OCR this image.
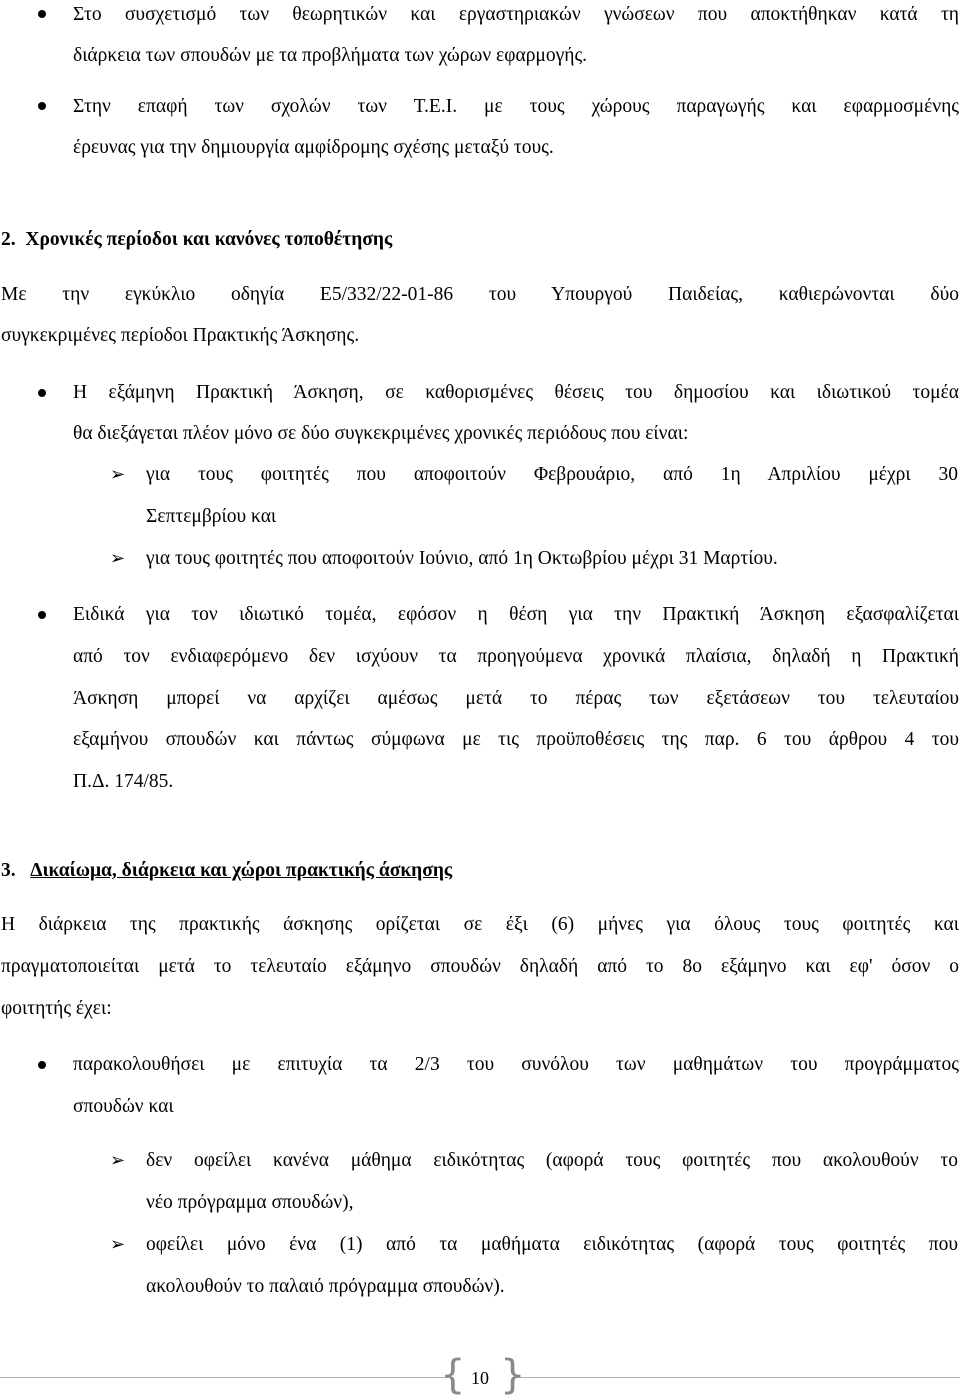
Στο συσχετισμό των θεωρητικών και εργαστηριακών γνώσεων που αποκτήθηκαν κατά τη
διάρκεια των σπουδών με τα προβλήματα των χώρων εφαρμογής.
Στην επαφή των σχολών των Τ.Ε.Ι. με τους χώρους παραγωγής και εφαρμοσμένης
έρευνας για την δημιουργία αμφίδρομης σχέσης μεταξύ τους.
2. Χρονικές περίοδοι και κανόνες τοποθέτησης
Με την εγκύκλιο οδηγία Ε5/332/22-01-86 του Υπουργού Παιδείας, καθιερώνονται δύο
συγκεκριμένες περίοδοι Πρακτικής Άσκησης.
Η εξάμηνη Πρακτική Άσκηση, σε καθορισμένες θέσεις του δημοσίου και ιδιωτικού τομέα
θα διεξάγεται πλέον μόνο σε δύο συγκεκριμένες χρονικές περιόδους που είναι:
➢ για τους φοιτητές που αποφοιτούν Φεβρουάριο, από 1η Απριλίου μέχρι 30
Σεπτεμβρίου και
➢ για τους φοιτητές που αποφοιτούν Ιούνιο, από 1η Οκτωβρίου μέχρι 31 Μαρτίου.
Ειδικά για τον ιδιωτικό τομέα, εφόσον η θέση για την Πρακτική Άσκηση εξασφαλίζεται
από τον ενδιαφερόμενο δεν ισχύουν τα προηγούμενα χρονικά πλαίσια, δηλαδή η Πρακτική
Άσκηση μπορεί να αρχίζει αμέσως μετά το πέρας των εξετάσεων του τελευταίου
εξαμήνου σπουδών και πάντως σύμφωνα με τις προϋποθέσεις της παρ. 6 του άρθρου 4 του
Π.Δ. 174/85.
3. Δικαίωμα, διάρκεια και χώροι πρακτικής άσκησης
Η διάρκεια της πρακτικής άσκησης ορίζεται σε έξι (6) μήνες για όλους τους φοιτητές και
πραγματοποιείται μετά το τελευταίο εξάμηνο σπουδών δηλαδή από το 8ο εξάμηνο και εφ' όσον ο
φοιτητής έχει:
παρακολουθήσει με επιτυχία τα 2/3 του συνόλου των μαθημάτων του προγράμματος
σπουδών και
➢ δεν οφείλει κανένα μάθημα ειδικότητας (αφορά τους φοιτητές που ακολουθούν το
νέο πρόγραμμα σπουδών),
➢ οφείλει μόνο ένα (1) από τα μαθήματα ειδικότητας (αφορά τους φοιτητές που
ακολουθούν το παλαιό πρόγραμμα σπουδών).
{ 10 }
